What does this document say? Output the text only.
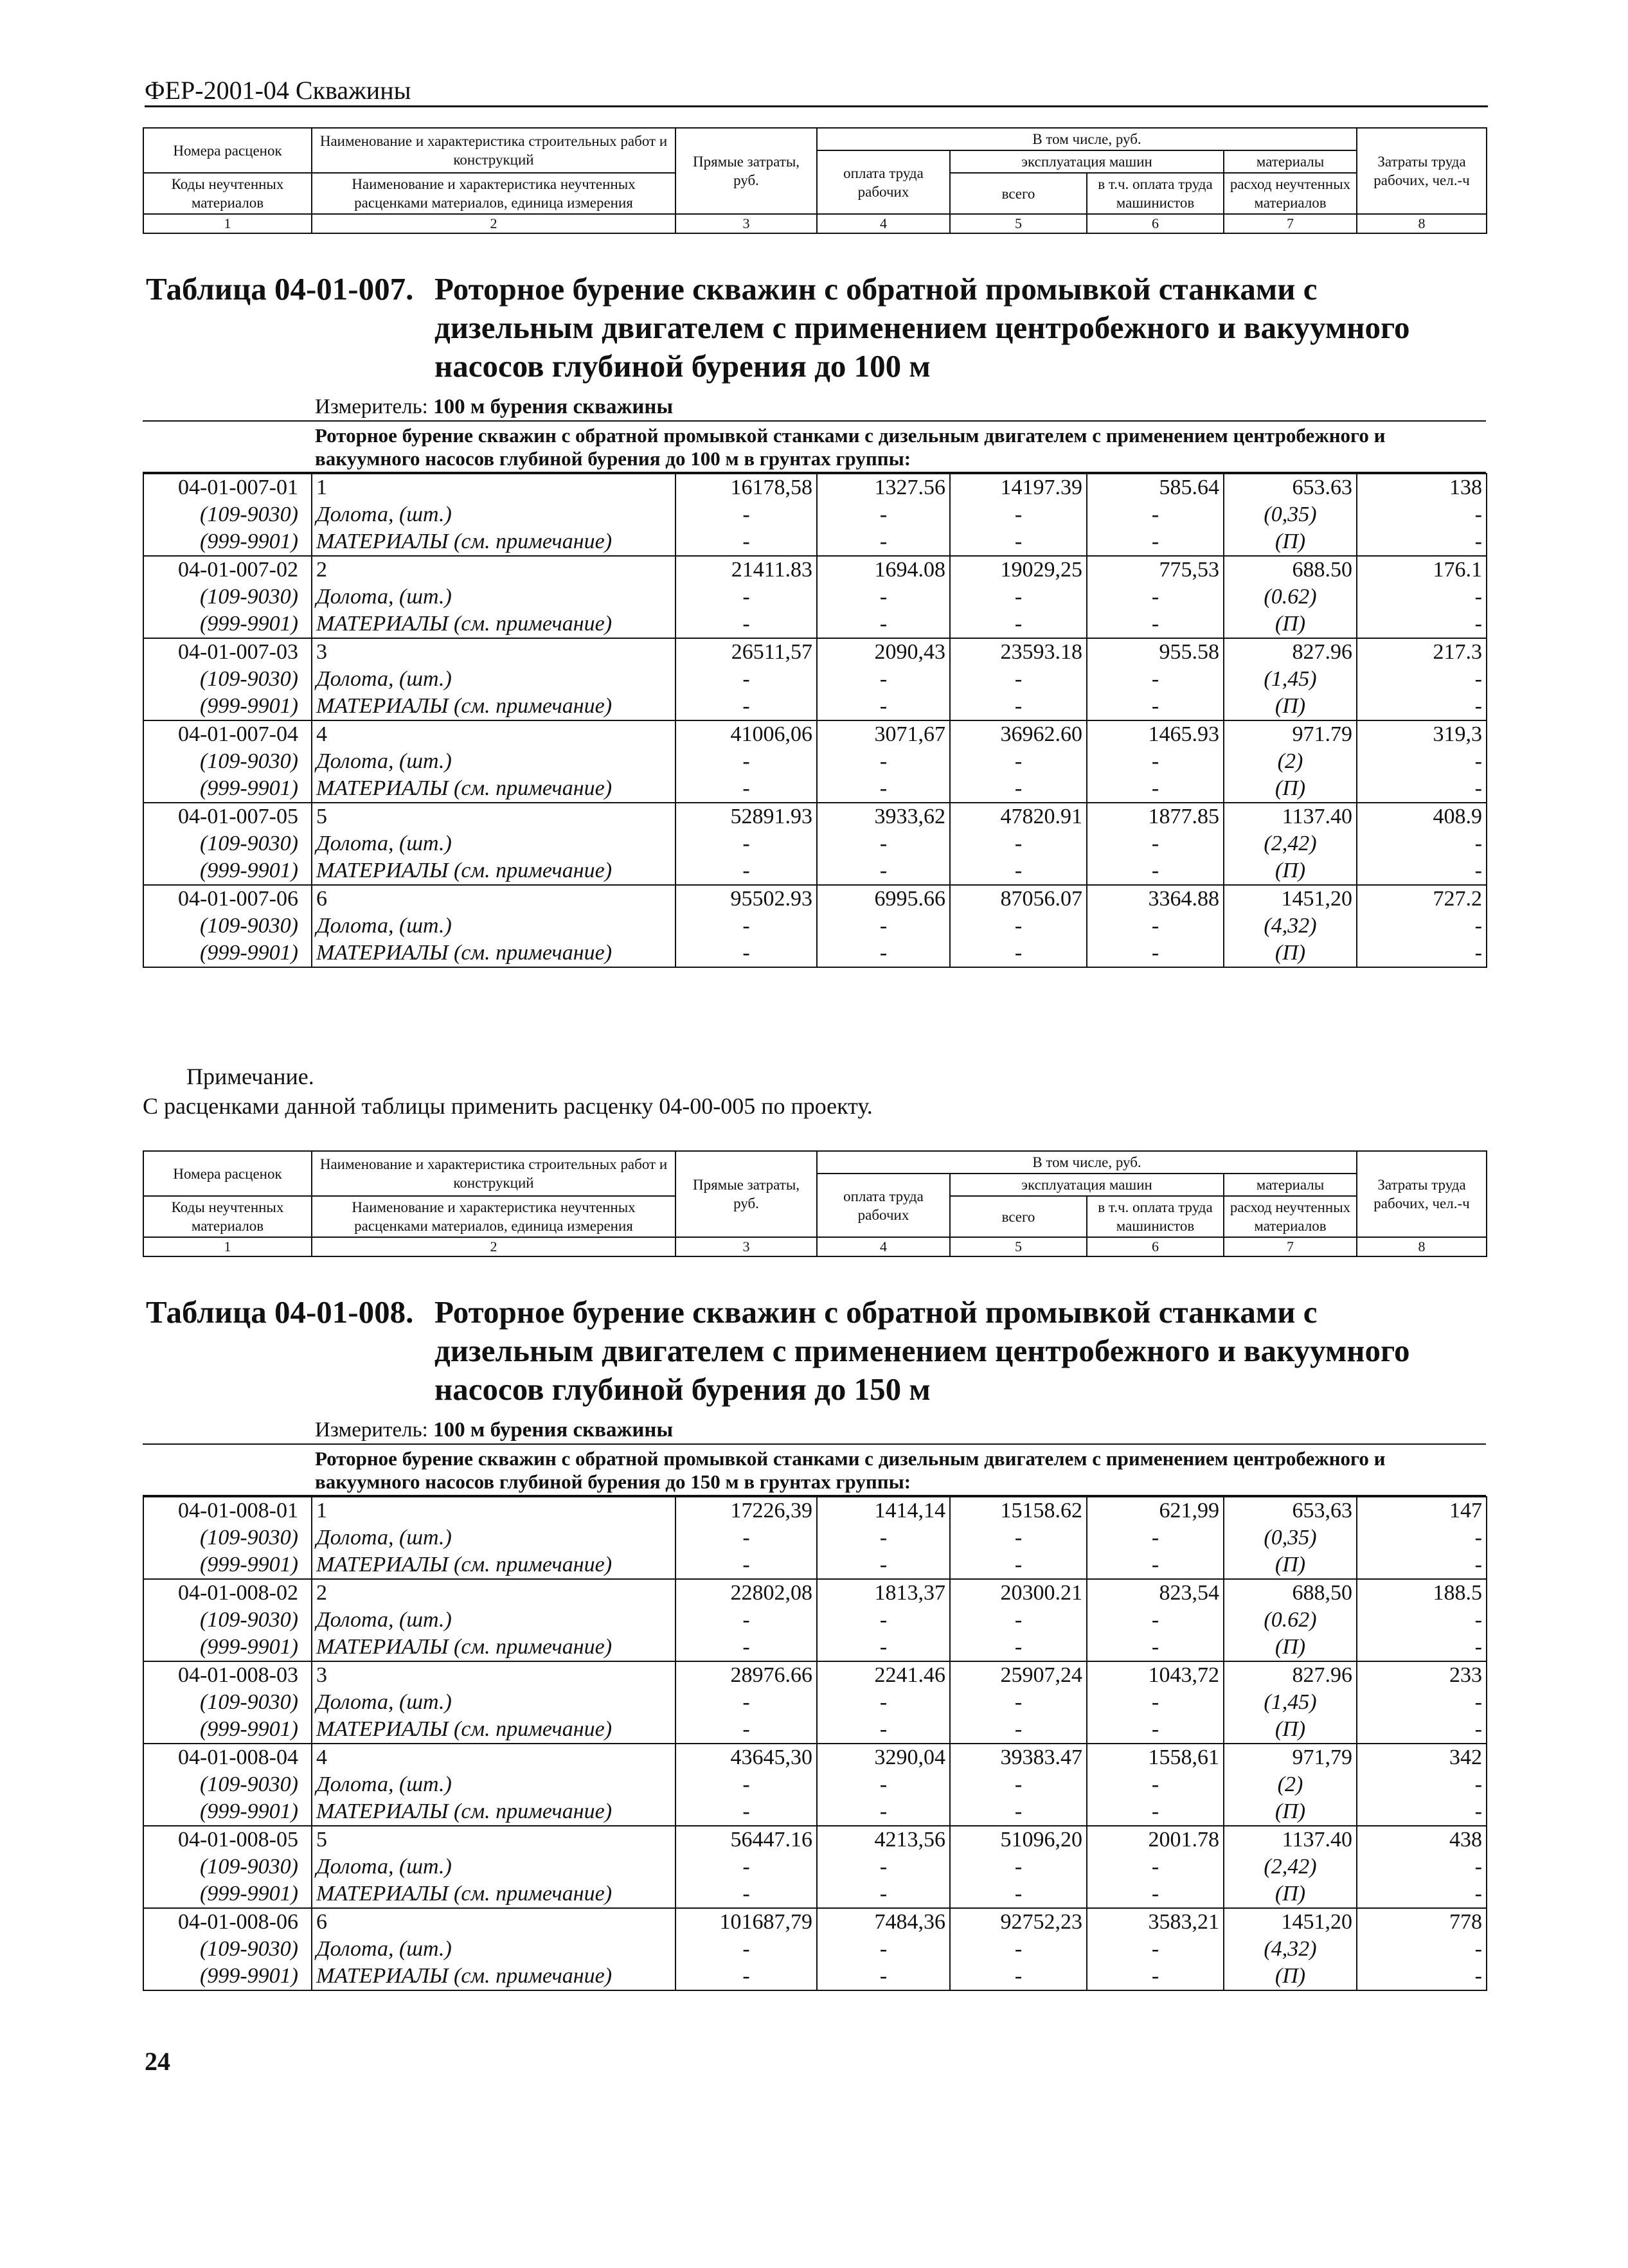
ФЕР-2001-04 Скважины
Номера расценок	Наименование и характеристика строительных работ и конструкций	Прямые затраты, руб.	В том числе, руб.				Затраты труда рабочих, чел.-ч
			оплата труда рабочих	эксплуатация машин		материалы	
Коды неучтенных материалов	Наименование и характеристика неучтенных расценками материалов, единица измерения			всего	в т.ч. оплата труда машинистов	расход неучтенных материалов	

1	2	3	4	5	6	7	8
Таблица 04-01-007. Роторное бурение скважин с обратной промывкой станками с дизельным двигателем с применением центробежного и вакуумного насосов глубиной бурения до 100 м
Измеритель: 100 м бурения скважины
Роторное бурение скважин с обратной промывкой станками с дизельным двигателем с применением центробежного и вакуумного насосов глубиной бурения до 100 м в грунтах группы:
04-01-007-01	1	16178,58	1327.56	14197.39	585.64	653.63	138
(109-9030)	Долота, (шт.)	-	-	-	-	(0,35)	-
(999-9901)	МАТЕРИАЛЫ (см. примечание)	-	-	-	-	(П)	-
04-01-007-02	2	21411.83	1694.08	19029,25	775,53	688.50	176.1
(109-9030)	Долота, (шт.)	-	-	-	-	(0.62)	-
(999-9901)	МАТЕРИАЛЫ (см. примечание)	-	-	-	-	(П)	-
04-01-007-03	3	26511,57	2090,43	23593.18	955.58	827.96	217.3
(109-9030)	Долота, (шт.)	-	-	-	-	(1,45)	-
(999-9901)	МАТЕРИАЛЫ (см. примечание)	-	-	-	-	(П)	-
04-01-007-04	4	41006,06	3071,67	36962.60	1465.93	971.79	319,3
(109-9030)	Долота, (шт.)	-	-	-	-	(2)	-
(999-9901)	МАТЕРИАЛЫ (см. примечание)	-	-	-	-	(П)	-
04-01-007-05	5	52891.93	3933,62	47820.91	1877.85	1137.40	408.9
(109-9030)	Долота, (шт.)	-	-	-	-	(2,42)	-
(999-9901)	МАТЕРИАЛЫ (см. примечание)	-	-	-	-	(П)	-
04-01-007-06	6	95502.93	6995.66	87056.07	3364.88	1451,20	727.2
(109-9030)	Долота, (шт.)	-	-	-	-	(4,32)	-
(999-9901)	МАТЕРИАЛЫ (см. примечание)	-	-	-	-	(П)	-
Примечание.
С расценками данной таблицы применить расценку 04-00-005 по проекту.
Номера расценок	Наименование и характеристика строительных работ и конструкций	Прямые затраты, руб.	В том числе, руб.				Затраты труда рабочих, чел.-ч
			оплата труда рабочих	эксплуатация машин		материалы	
Коды неучтенных материалов	Наименование и характеристика неучтенных расценками материалов, единица измерения			всего	в т.ч. оплата труда машинистов	расход неучтенных материалов	

1	2	3	4	5	6	7	8
Таблица 04-01-008. Роторное бурение скважин с обратной промывкой станками с дизельным двигателем с применением центробежного и вакуумного насосов глубиной бурения до 150 м
Измеритель: 100 м бурения скважины
Роторное бурение скважин с обратной промывкой станками с дизельным двигателем с применением центробежного и вакуумного насосов глубиной бурения до 150 м в грунтах группы:
04-01-008-01	1	17226,39	1414,14	15158.62	621,99	653,63	147
(109-9030)	Долота, (шт.)	-	-	-	-	(0,35)	-
(999-9901)	МАТЕРИАЛЫ (см. примечание)	-	-	-	-	(П)	-
04-01-008-02	2	22802,08	1813,37	20300.21	823,54	688,50	188.5
(109-9030)	Долота, (шт.)	-	-	-	-	(0.62)	-
(999-9901)	МАТЕРИАЛЫ (см. примечание)	-	-	-	-	(П)	-
04-01-008-03	3	28976.66	2241.46	25907,24	1043,72	827.96	233
(109-9030)	Долота, (шт.)	-	-	-	-	(1,45)	-
(999-9901)	МАТЕРИАЛЫ (см. примечание)	-	-	-	-	(П)	-
04-01-008-04	4	43645,30	3290,04	39383.47	1558,61	971,79	342
(109-9030)	Долота, (шт.)	-	-	-	-	(2)	-
(999-9901)	МАТЕРИАЛЫ (см. примечание)	-	-	-	-	(П)	-
04-01-008-05	5	56447.16	4213,56	51096,20	2001.78	1137.40	438
(109-9030)	Долота, (шт.)	-	-	-	-	(2,42)	-
(999-9901)	МАТЕРИАЛЫ (см. примечание)	-	-	-	-	(П)	-
04-01-008-06	6	101687,79	7484,36	92752,23	3583,21	1451,20	778
(109-9030)	Долота, (шт.)	-	-	-	-	(4,32)	-
(999-9901)	МАТЕРИАЛЫ (см. примечание)	-	-	-	-	(П)	-
24
